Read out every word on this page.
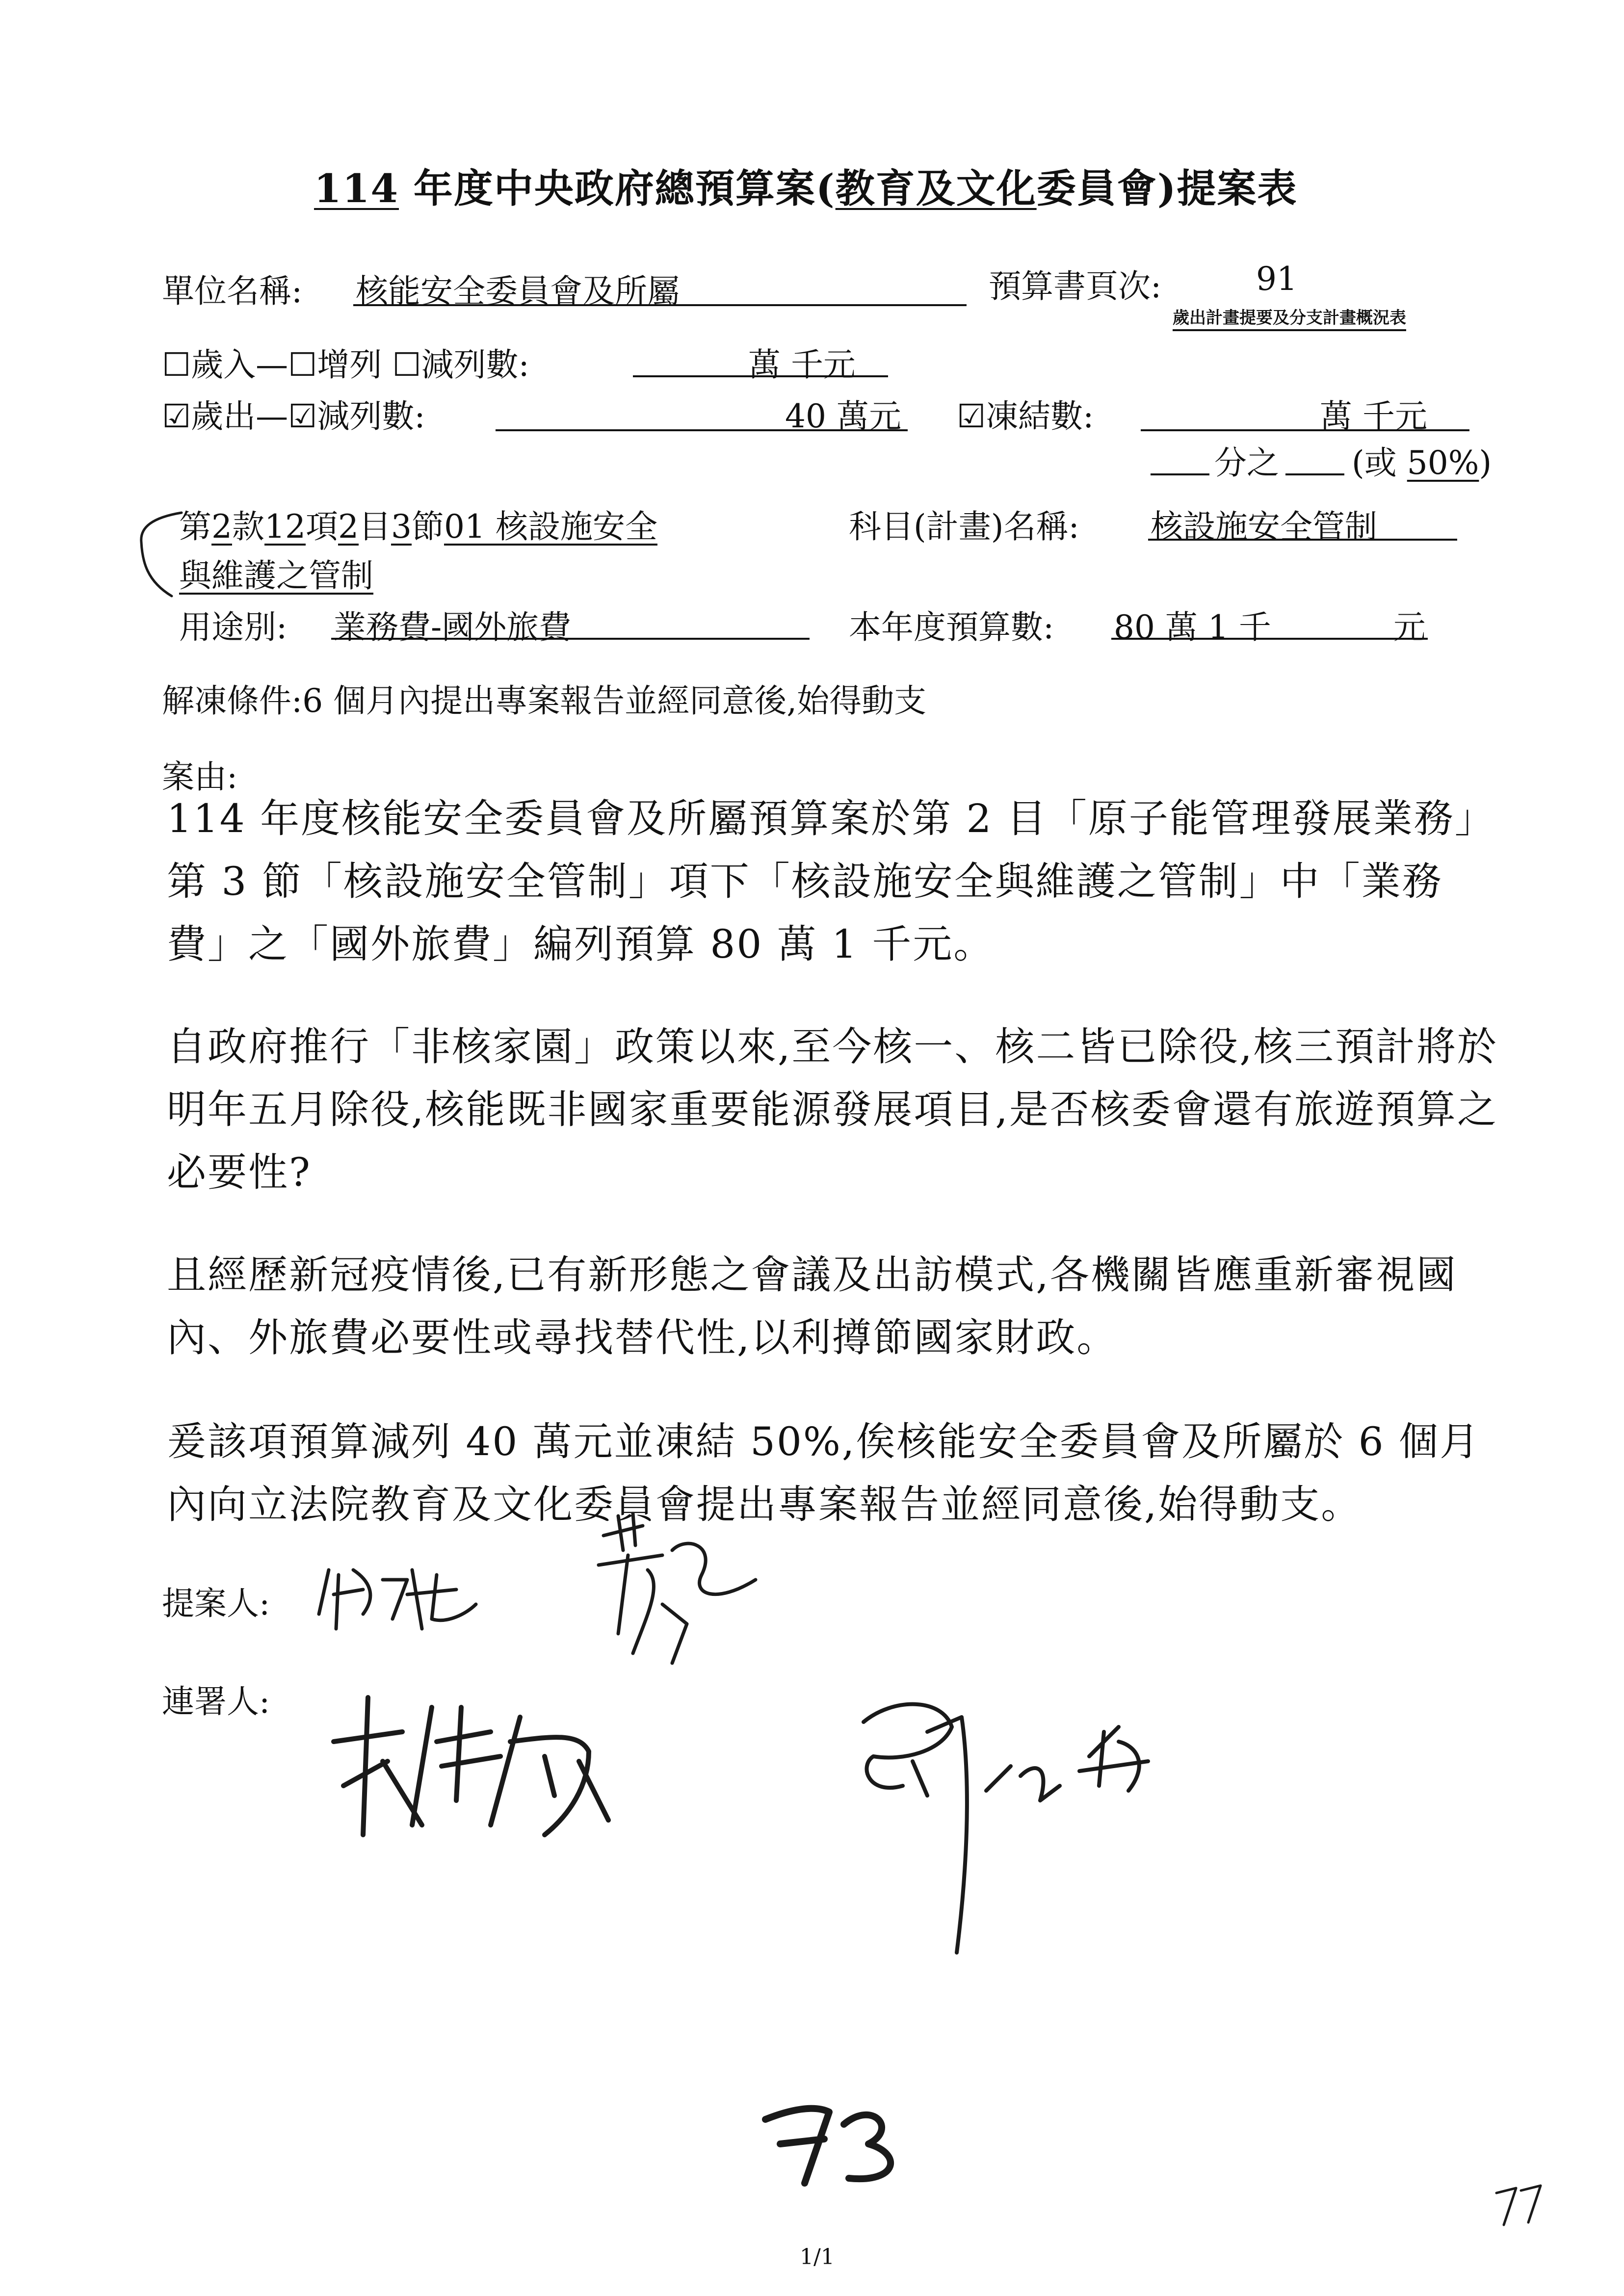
114 年度中央政府總預算案(教育及文化委員會)提案表
單位名稱: 核能安全委員會及所屬	預算書頁次:	91
歲出計畫提要及分支計畫概況表
☐歲入—☐增列 ☐減列數:	萬 千元
☑歲出—☑減列數:	40 萬元 ☑凍結數:	萬 千元
分之 (或 50%)
第2款12項2目3節01 核設施安全
與維護之管制
科目(計畫)名稱: 核設施安全管制
用途別: 業務費-國外旅費	本年度預算數: 80 萬 1 千	元
解凍條件:6 個月內提出專案報告並經同意後,始得動支
案由:
114 年度核能安全委員會及所屬預算案於第 2 目「原子能管理發展業務」第 3 節「核設施安全管制」項下「核設施安全與維護之管制」中「業務費」之「國外旅費」編列預算 80 萬 1 千元。
自政府推行「非核家園」政策以來,至今核一、核二皆已除役,核三預計將於明年五月除役,核能既非國家重要能源發展項目,是否核委會還有旅遊預算之必要性?
且經歷新冠疫情後,已有新形態之會議及出訪模式,各機關皆應重新審視國內、外旅費必要性或尋找替代性,以利撙節國家財政。
爰該項預算減列 40 萬元並凍結 50%,俟核能安全委員會及所屬於 6 個月內向立法院教育及文化委員會提出專案報告並經同意後,始得動支。
提案人:
連署人:
1/1
